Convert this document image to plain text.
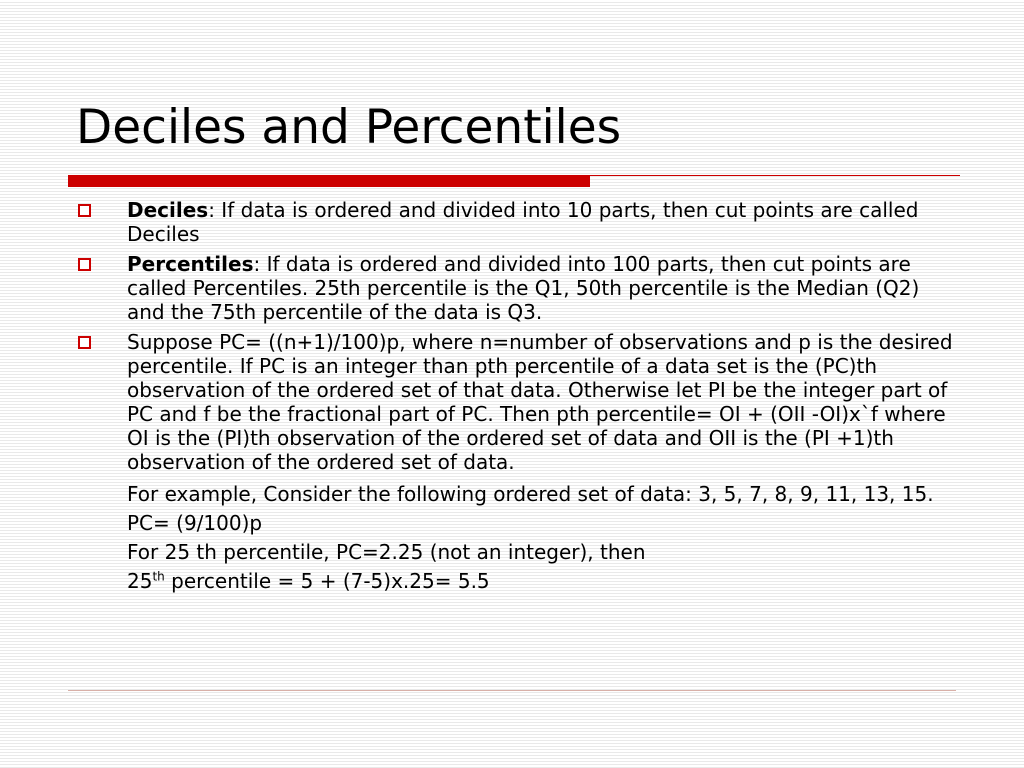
Deciles and Percentiles
Deciles: If data is ordered and divided into 10 parts, then cut points are called Deciles
Percentiles: If data is ordered and divided into 100 parts, then cut points are called Percentiles. 25th percentile is the Q1, 50th percentile is the Median (Q2) and the 75th percentile of the data is Q3.
Suppose PC= ((n+1)/100)p, where n=number of observations and p is the desired percentile. If PC is an integer than pth percentile of a data set is the (PC)th observation of the ordered set of that data. Otherwise let PI be the integer part of PC and f be the fractional part of PC. Then pth percentile= OI + (OII -OI)x`f where OI is the (PI)th observation of the ordered set of data and OII is the (PI +1)th observation of the ordered set of data.
For example, Consider the following ordered set of data: 3, 5, 7, 8, 9, 11, 13, 15.
PC= (9/100)p
For 25 th percentile, PC=2.25 (not an integer), then
25th percentile = 5 + (7-5)x.25= 5.5
